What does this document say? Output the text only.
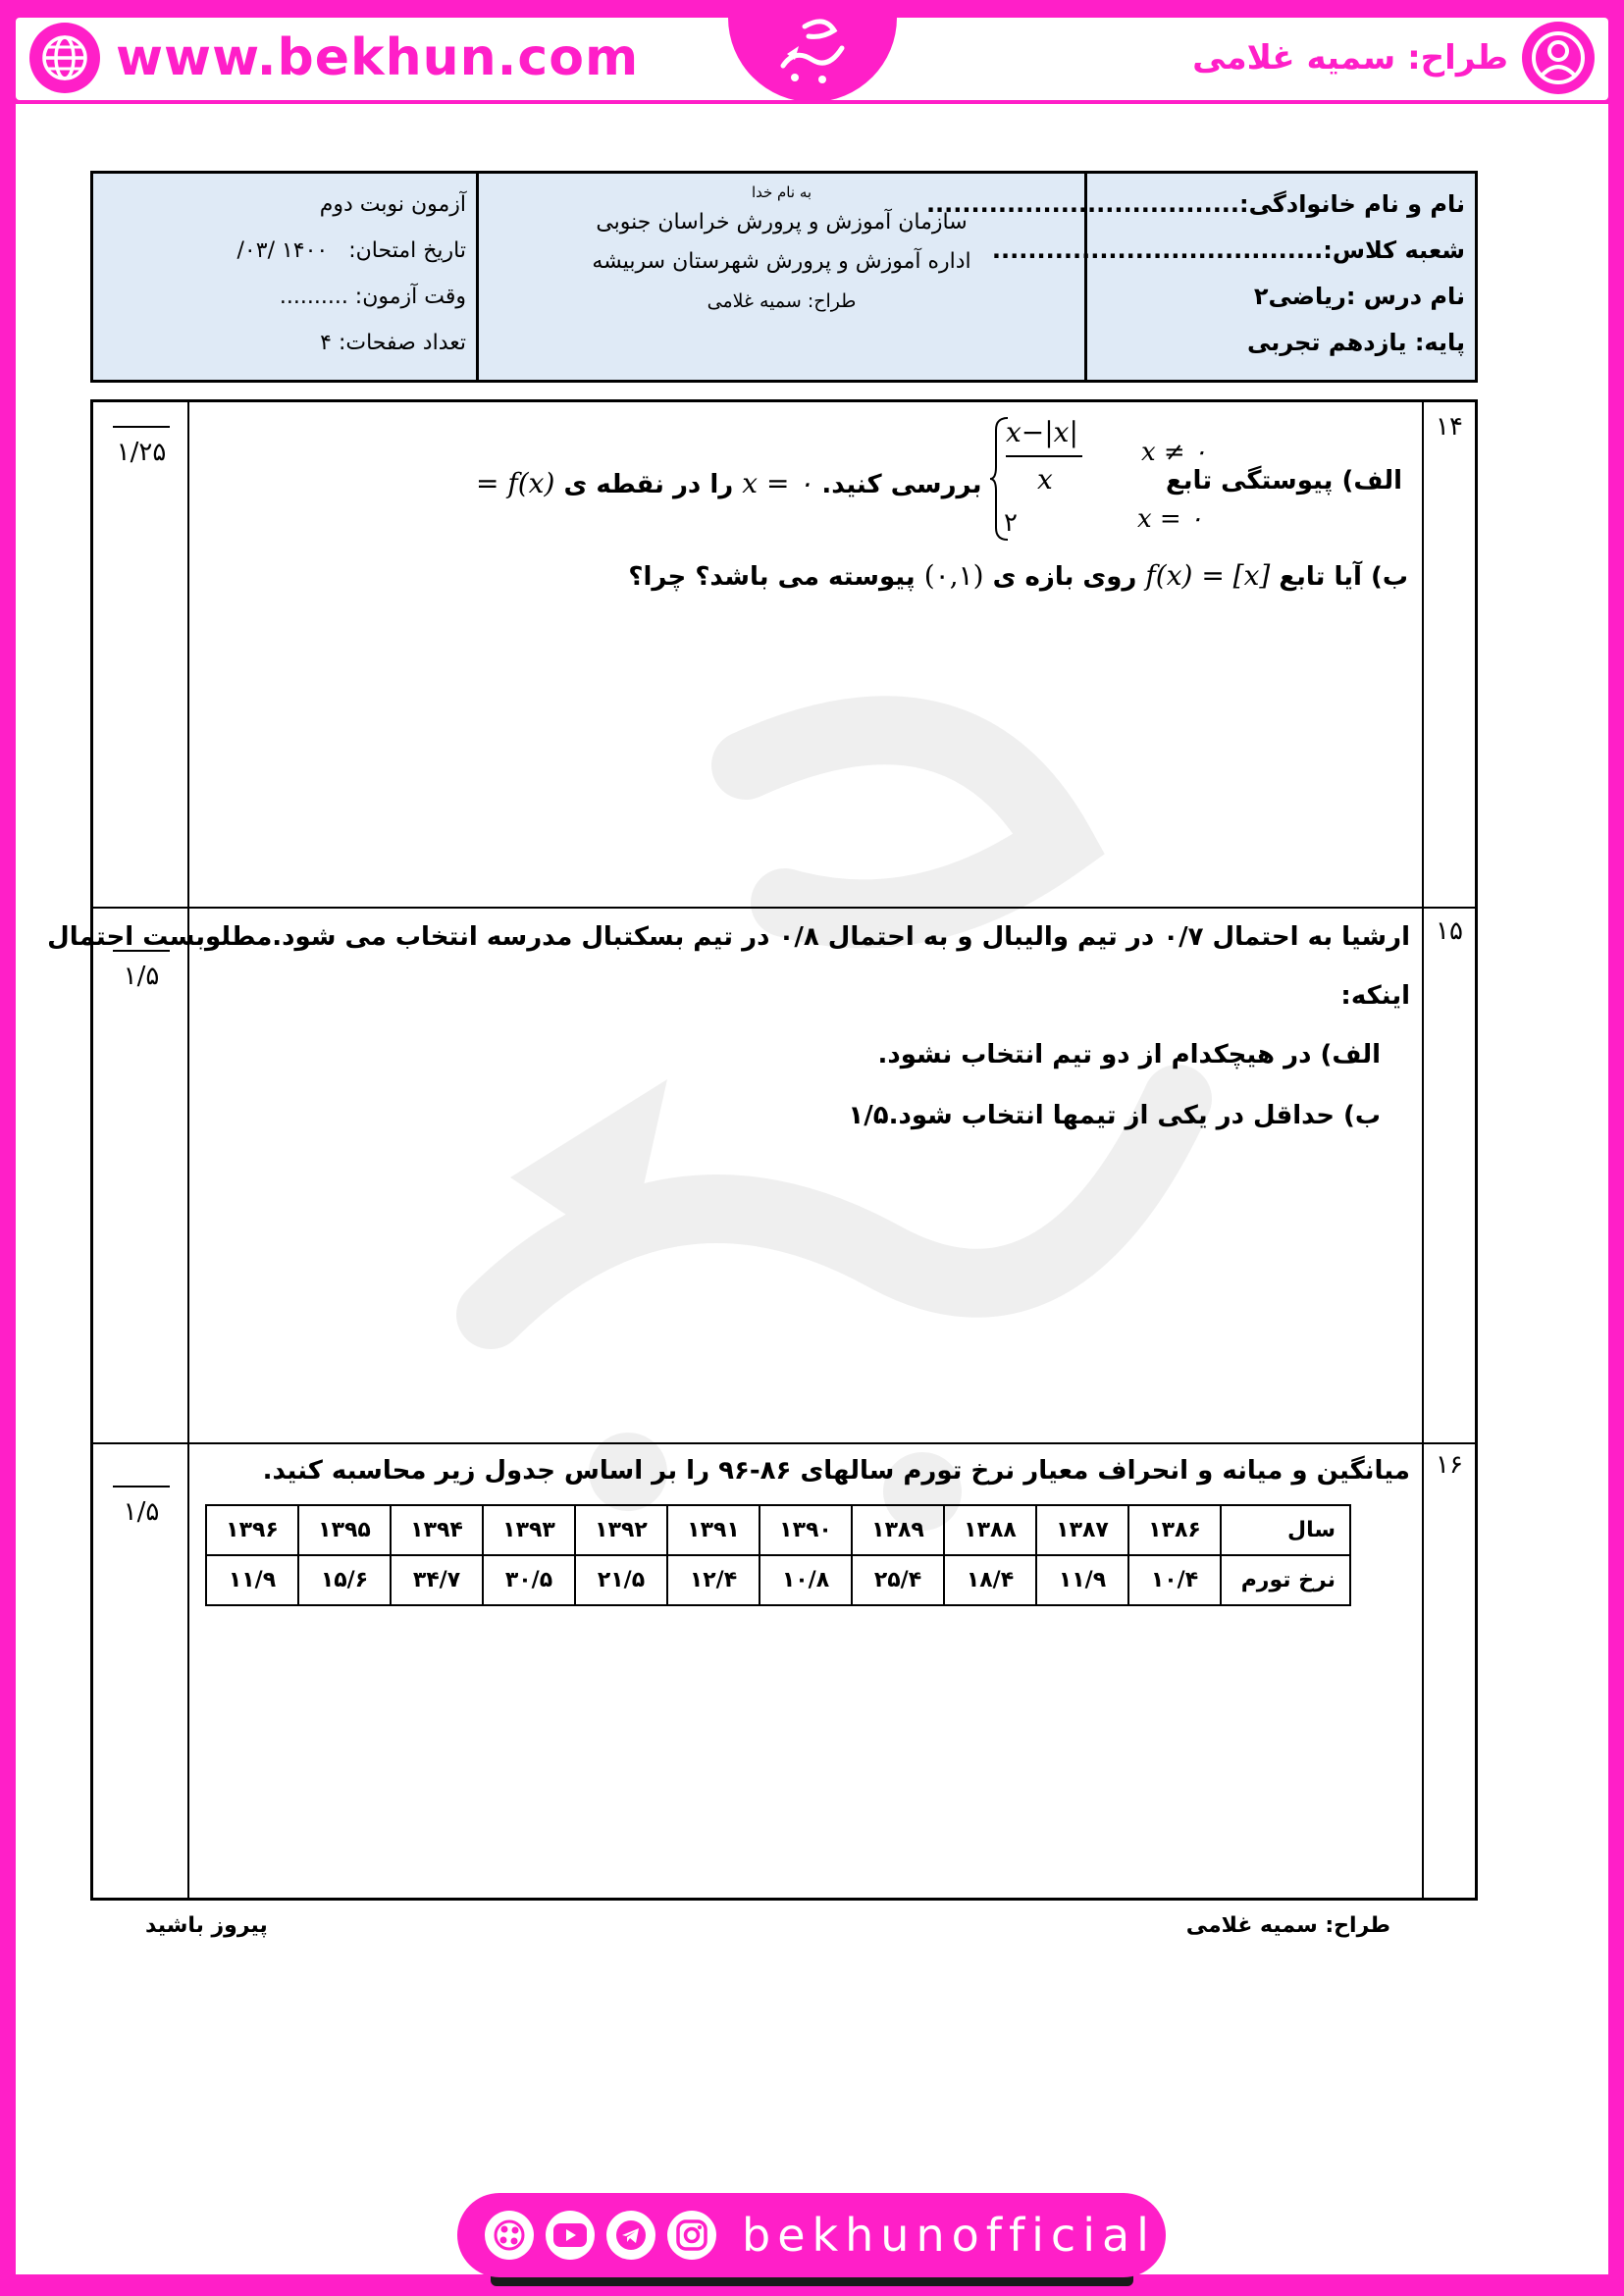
www.bekhun.com	طراح: سمیه غلامی
نام و نام خانوادگی:...................................
شعبه کلاس:.....................................
نام درس :ریاضی۲
پایه: یازدهم تجربی
به نام خدا
سازمان آموزش و پرورش خراسان جنوبی
اداره آموزش و پرورش شهرستان سربیشه
طراح: سمیه غلامی
آزمون نوبت دوم
تاریخ امتحان:   ۱۴۰۰ /۰۳/
وقت آزمون: ..........
تعداد صفحات: ۴
۱۴
۱/۲۵
الف) پیوستگی تابع
بررسی کنید. x = ۰ را در نقطه ی f(x) =
x−|x|
x
x ≠ ۰
۲	x = ۰
ب) آیا تابع f(x) = [x] روی بازه ی (۰,۱) پیوسته می باشد؟ چرا؟
۱۵
۱/۵
ارشیا به احتمال ۰/۷ در تیم والیبال و به احتمال ۰/۸ در تیم بسکتبال مدرسه انتخاب می شود.مطلوبست احتمال
اینکه:
الف) در هیچکدام از دو تیم انتخاب نشود.
ب) حداقل در یکی از تیمها انتخاب شود.۱/۵
۱۶
۱/۵
میانگین و میانه و انحراف معیار نرخ تورم سالهای ۸۶-۹۶ را بر اساس جدول زیر محاسبه کنید.
سال	۱۳۸۶	۱۳۸۷	۱۳۸۸	۱۳۸۹	۱۳۹۰	۱۳۹۱	۱۳۹۲	۱۳۹۳	۱۳۹۴	۱۳۹۵	۱۳۹۶
نرخ تورم	۱۰/۴	۱۱/۹	۱۸/۴	۲۵/۴	۱۰/۸	۱۲/۴	۲۱/۵	۳۰/۵	۳۴/۷	۱۵/۶	۱۱/۹
طراح: سمیه غلامی
پیروز باشید
bekhunofficial
